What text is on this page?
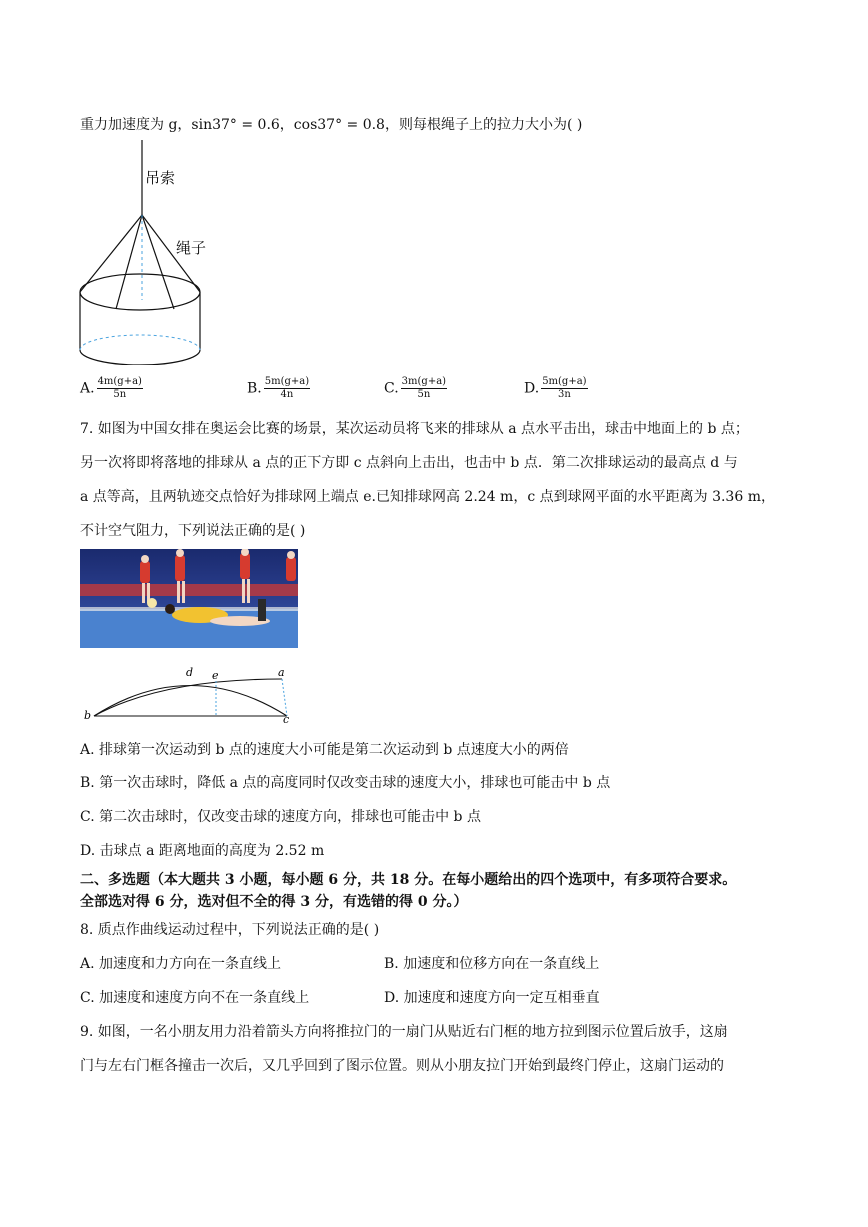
重力加速度为 g，sin37° = 0.6，cos37° = 0.8，则每根绳子上的拉力大小为( )
吊索
绳子
A. $\frac{4m(g+a)}{5n}$	B. $\frac{5m(g+a)}{4n}$	C. $\frac{3m(g+a)}{5n}$	D. $\frac{5m(g+a)}{3n}$
7. 如图为中国女排在奥运会比赛的场景，某次运动员将飞来的排球从 a 点水平击出，球击中地面上的 b 点；
另一次将即将落地的排球从 a 点的正下方即 c 点斜向上击出，也击中 b 点．第二次排球运动的最高点 d 与
a 点等高，且两轨迹交点恰好为排球网上端点 e.已知排球网高 2.24 m，c 点到球网平面的水平距离为 3.36 m，
不计空气阻力，下列说法正确的是( )
d e	a
b	c
A. 排球第一次运动到 b 点的速度大小可能是第二次运动到 b 点速度大小的两倍
B. 第一次击球时，降低 a 点的高度同时仅改变击球的速度大小，排球也可能击中 b 点
C. 第二次击球时，仅改变击球的速度方向，排球也可能击中 b 点
D. 击球点 a 距离地面的高度为 2.52 m
二、多选题（本大题共 3 小题，每小题 6 分，共 18 分。在每小题给出的四个选项中，有多项符合要求。
全部选对得 6 分，选对但不全的得 3 分，有选错的得 0 分。）
8. 质点作曲线运动过程中，下列说法正确的是( )
A. 加速度和力方向在一条直线上	B. 加速度和位移方向在一条直线上
C. 加速度和速度方向不在一条直线上	D. 加速度和速度方向一定互相垂直
9. 如图，一名小朋友用力沿着箭头方向将推拉门的一扇门从贴近右门框的地方拉到图示位置后放手，这扇
门与左右门框各撞击一次后，又几乎回到了图示位置。则从小朋友拉门开始到最终门停止，这扇门运动的
